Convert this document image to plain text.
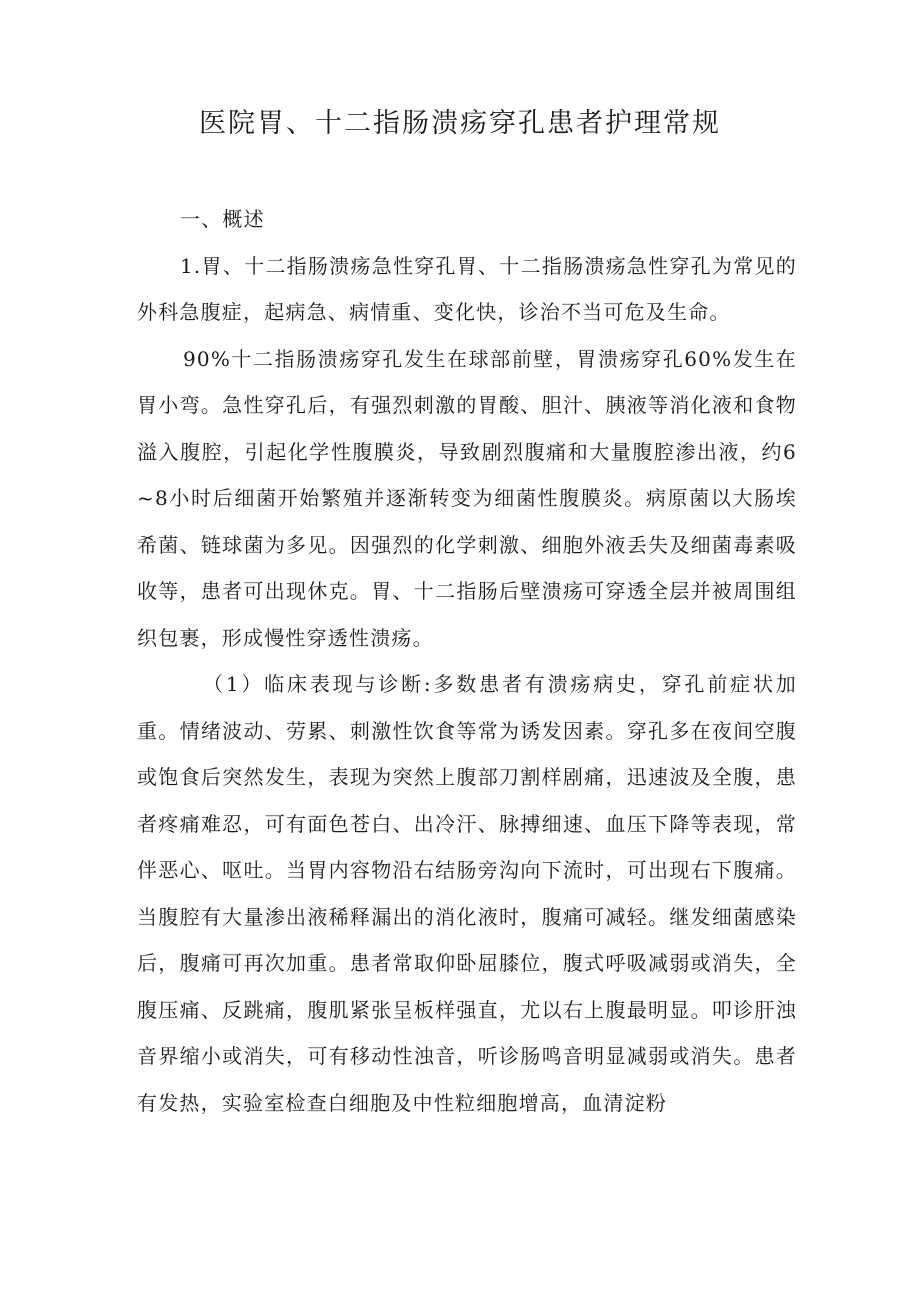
医院胃、十二指肠溃疡穿孔患者护理常规

一、概述

1.胃、十二指肠溃疡急性穿孔胃、十二指肠溃疡急性穿孔为常见的外科急腹症，起病急、病情重、变化快，诊治不当可危及生命。

90%十二指肠溃疡穿孔发生在球部前壁，胃溃疡穿孔60%发生在胃小弯。急性穿孔后，有强烈刺激的胃酸、胆汁、胰液等消化液和食物溢入腹腔，引起化学性腹膜炎，导致剧烈腹痛和大量腹腔渗出液，约6~8小时后细菌开始繁殖并逐渐转变为细菌性腹膜炎。病原菌以大肠埃希菌、链球菌为多见。因强烈的化学刺激、细胞外液丢失及细菌毒素吸收等，患者可出现休克。胃、十二指肠后壁溃疡可穿透全层并被周围组织包裹，形成慢性穿透性溃疡。

（1）临床表现与诊断:多数患者有溃疡病史，穿孔前症状加重。情绪波动、劳累、刺激性饮食等常为诱发因素。穿孔多在夜间空腹或饱食后突然发生，表现为突然上腹部刀割样剧痛，迅速波及全腹，患者疼痛难忍，可有面色苍白、出冷汗、脉搏细速、血压下降等表现，常伴恶心、呕吐。当胃内容物沿右结肠旁沟向下流时，可出现右下腹痛。当腹腔有大量渗出液稀释漏出的消化液时，腹痛可减轻。继发细菌感染后，腹痛可再次加重。患者常取仰卧屈膝位，腹式呼吸减弱或消失，全腹压痛、反跳痛，腹肌紧张呈板样强直，尤以右上腹最明显。叩诊肝浊音界缩小或消失，可有移动性浊音，听诊肠鸣音明显减弱或消失。患者有发热，实验室检查白细胞及中性粒细胞增高，血清淀粉
